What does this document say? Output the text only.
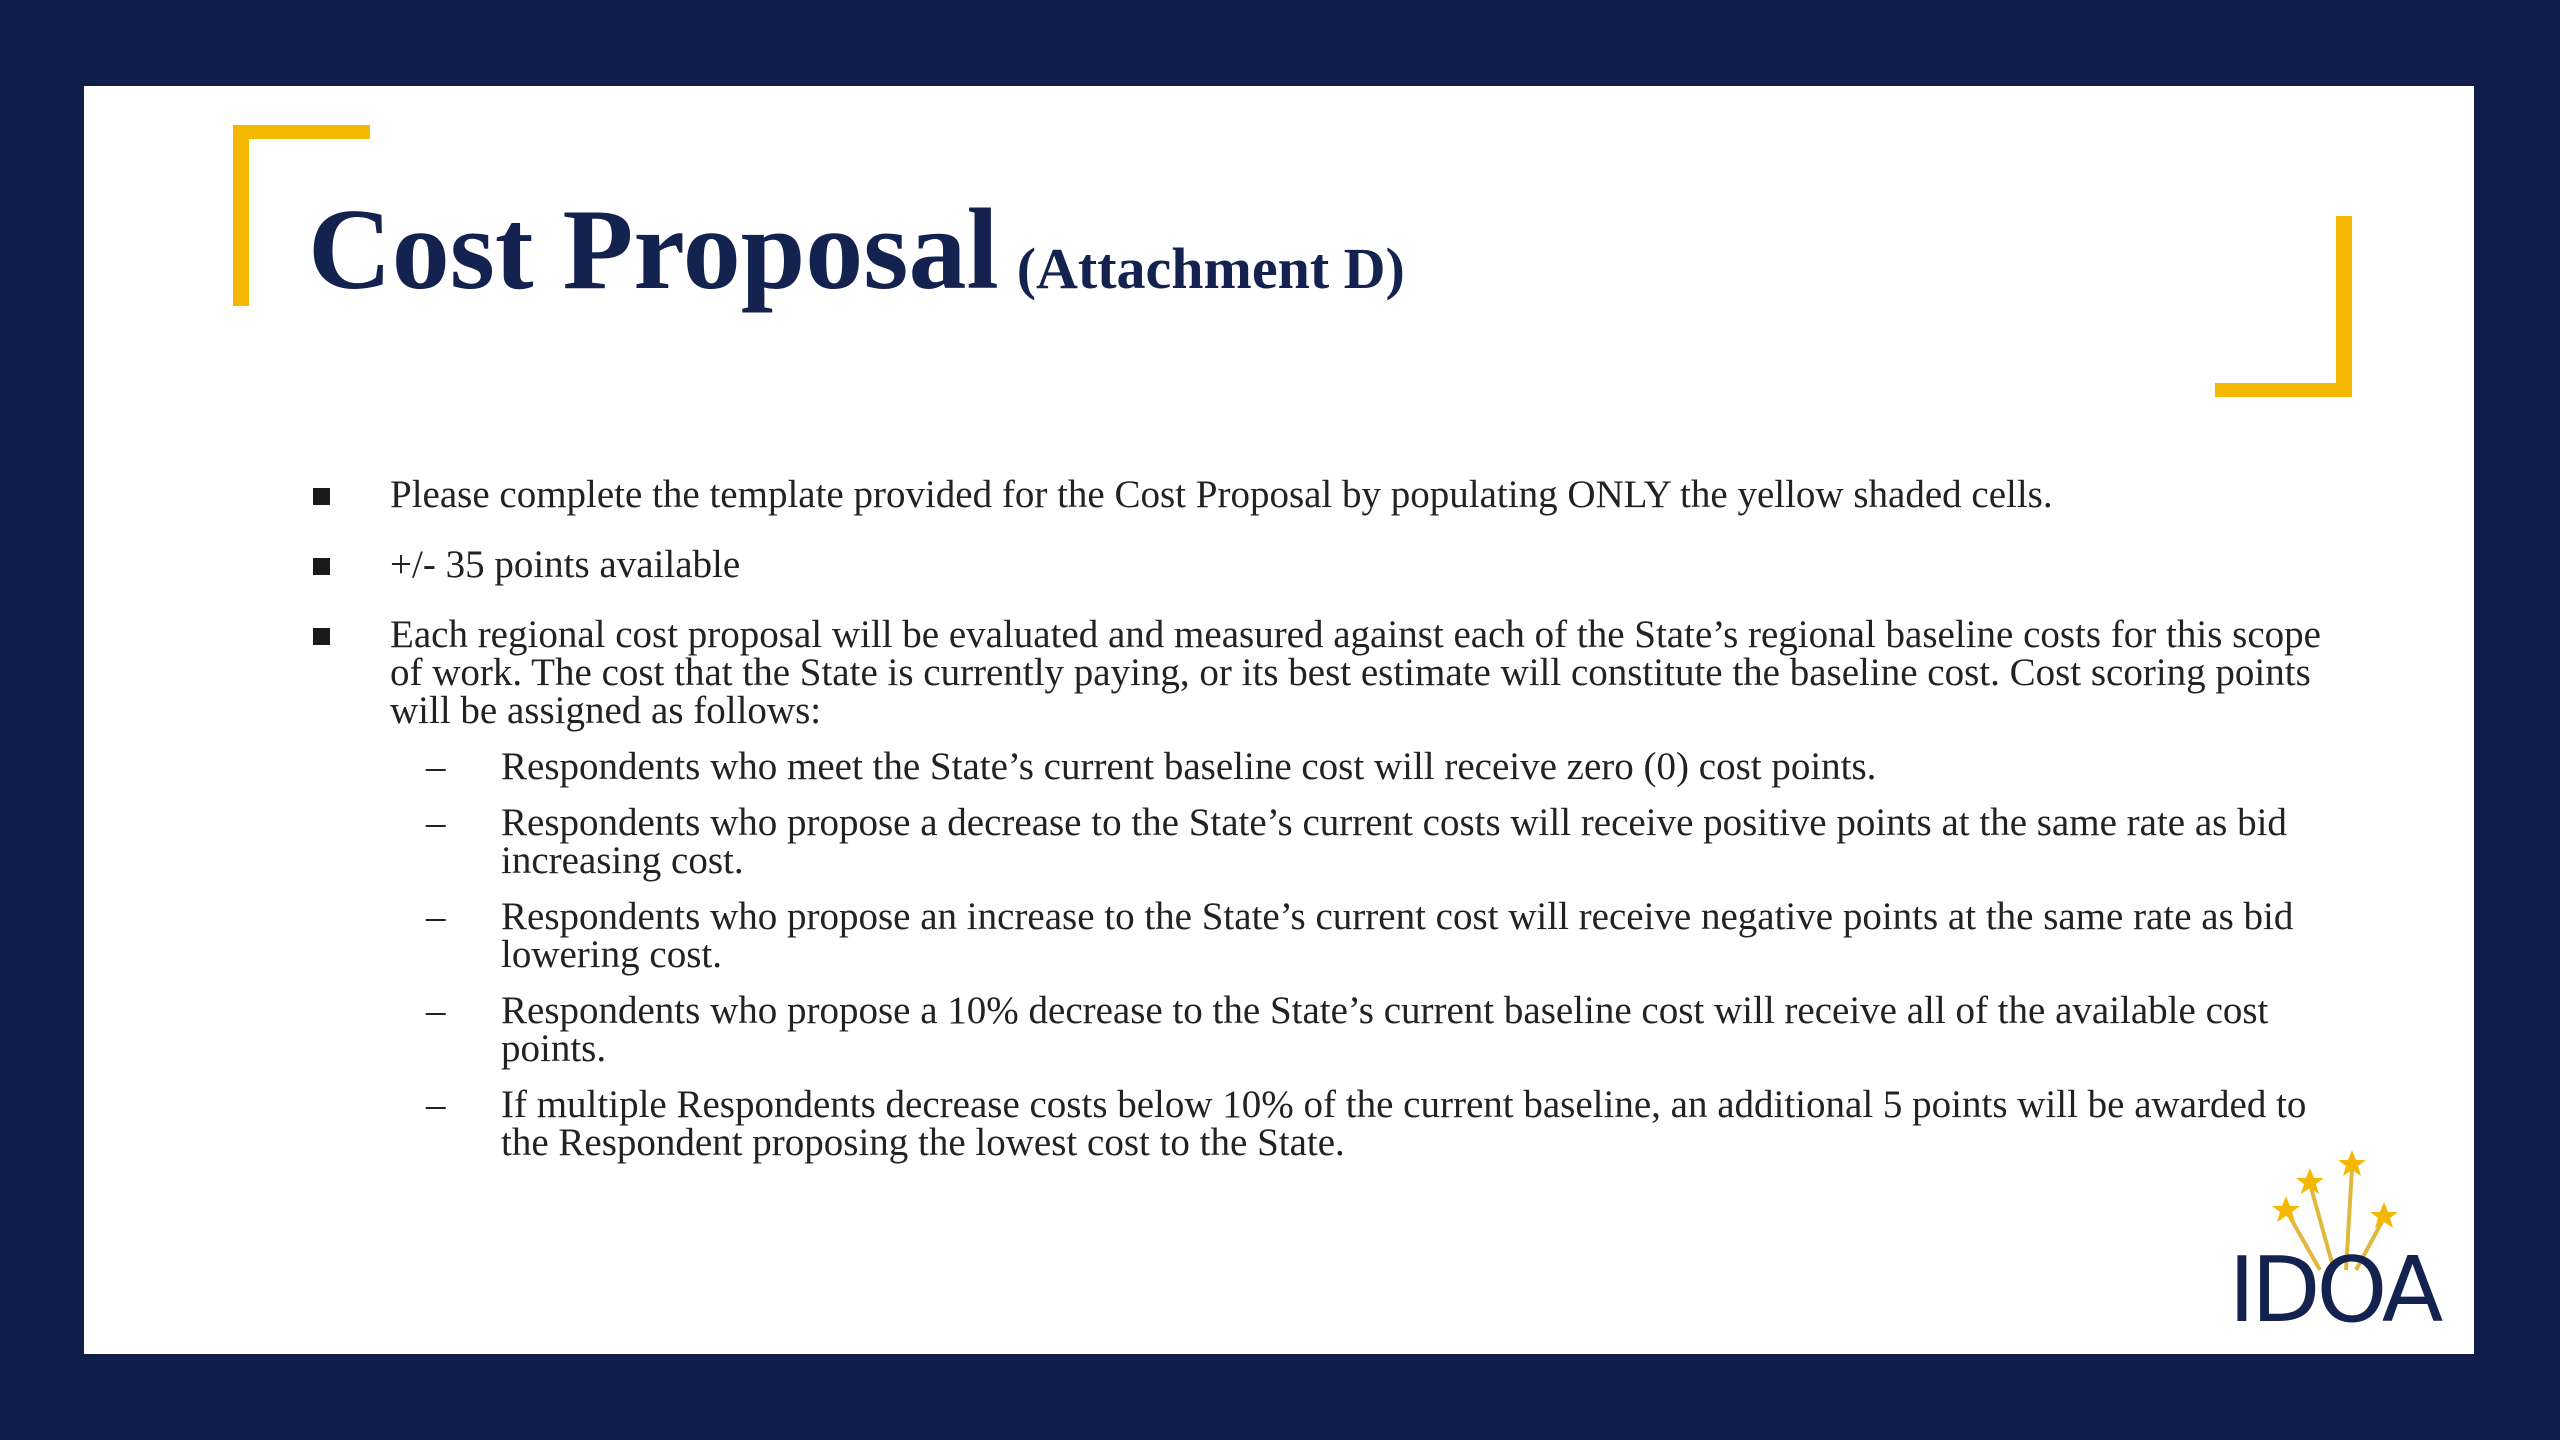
Cost Proposal (Attachment D)
Please complete the template provided for the Cost Proposal by populating ONLY the yellow shaded cells.
+/- 35 points available
Each regional cost proposal will be evaluated and measured against each of the State’s regional baseline costs for this scope of work. The cost that the State is currently paying, or its best estimate will constitute the baseline cost. Cost scoring points will be assigned as follows:
– Respondents who meet the State’s current baseline cost will receive zero (0) cost points.
– Respondents who propose a decrease to the State’s current costs will receive positive points at the same rate as bid increasing cost.
– Respondents who propose an increase to the State’s current cost will receive negative points at the same rate as bid lowering cost.
– Respondents who propose a 10% decrease to the State’s current baseline cost will receive all of the available cost points.
– If multiple Respondents decrease costs below 10% of the current baseline, an additional 5 points will be awarded to the Respondent proposing the lowest cost to the State.
IDOA
